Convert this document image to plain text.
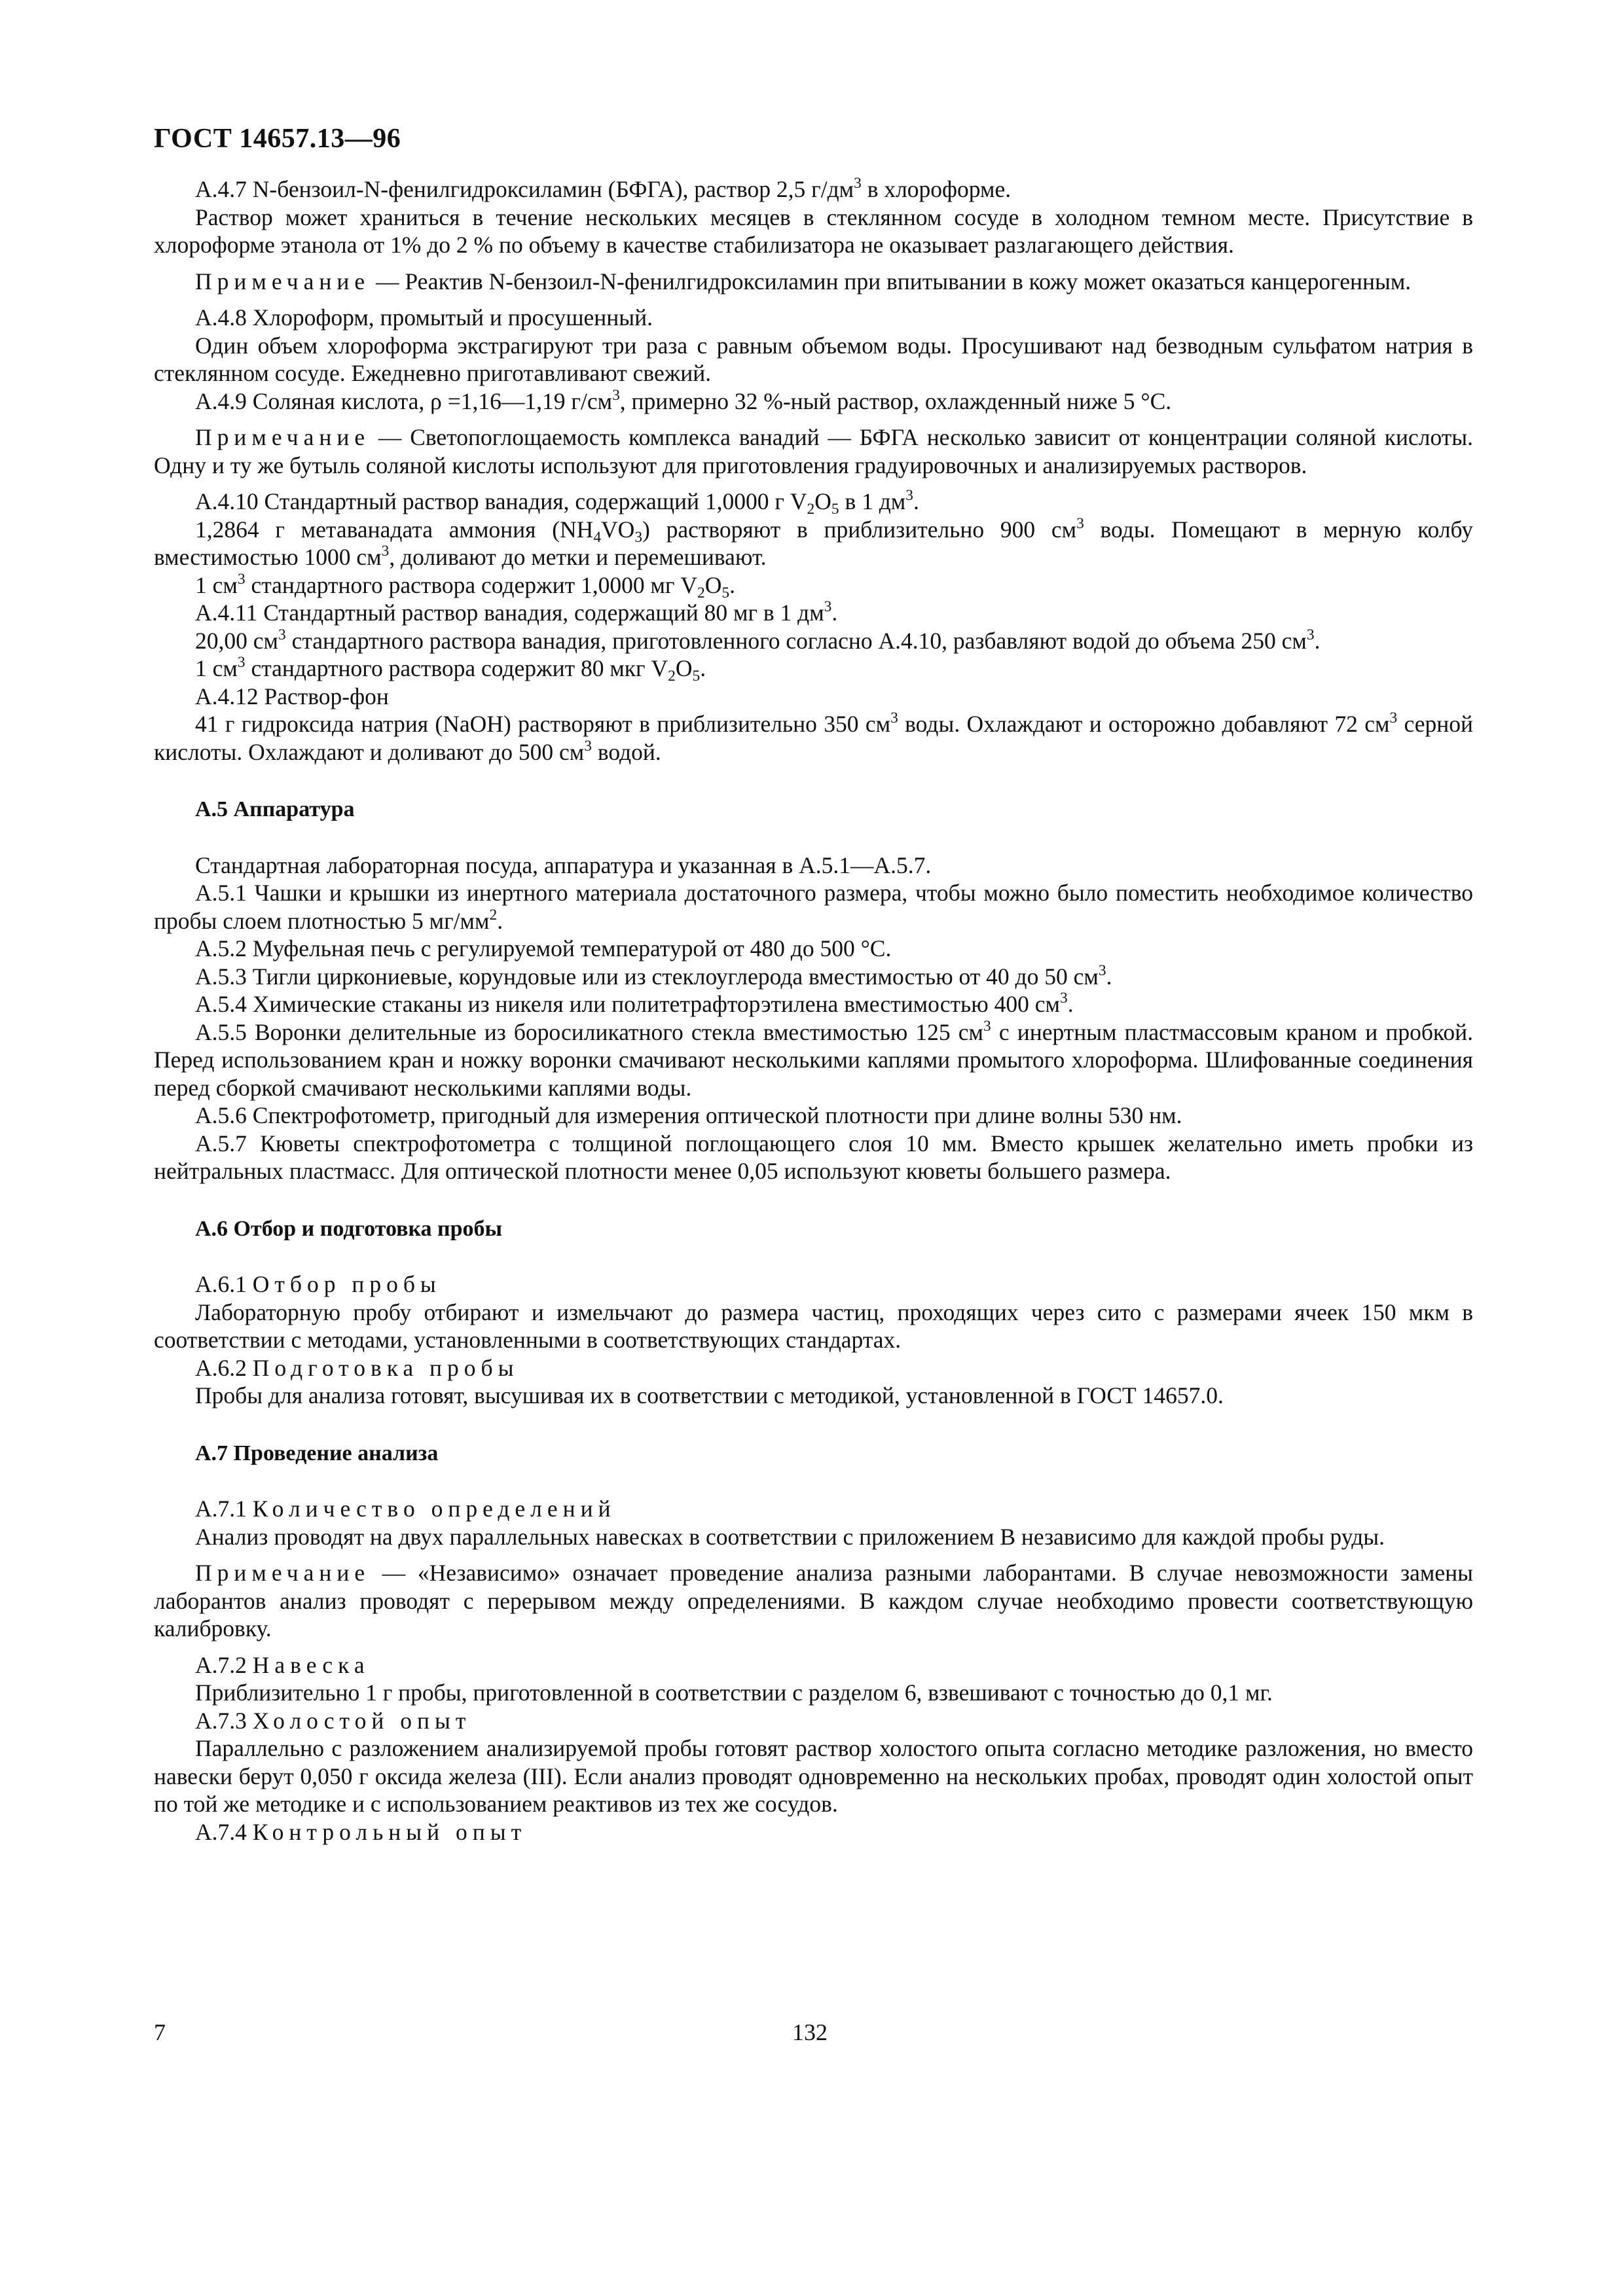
ГОСТ 14657.13—96

А.4.7 N-бензоил-N-фенилгидроксиламин (БФГА), раствор 2,5 $г/дм^3$ в хлороформе.

Раствор может храниться в течение нескольких месяцев в стеклянном сосуде в холодном темном месте. Присутствие в хлороформе этанола от 1% до 2 % по объему в качестве стабилизатора не оказывает разлагающего действия.

Примечание — Реактив N-бензоил-N-фенилгидроксиламин при впитывании в кожу может оказаться канцерогенным.

А.4.8 Хлороформ, промытый и просушенный.

Один объем хлороформа экстрагируют три раза с равным объемом воды. Просушивают над безводным сульфатом натрия в стеклянном сосуде. Ежедневно приготавливают свежий.

А.4.9 Соляная кислота, ρ =1,16—1,19 $г/см^3$, примерно 32 %-ный раствор, охлажденный ниже 5 °С.

Примечание — Светопоглощаемость комплекса ванадий — БФГА несколько зависит от концентрации соляной кислоты. Одну и ту же бутыль соляной кислоты используют для приготовления градуировочных и анализируемых растворов.

А.4.10 Стандартный раствор ванадия, содержащий 1,0000 г $V_2O_5$ в 1 $дм^3$.

1,2864 г метаванадата аммония $(NH_4VO_3)$ растворяют в приблизительно 900 $см^3$ воды. Помещают в мерную колбу вместимостью 1000 $см^3$, доливают до метки и перемешивают.

1 $см^3$ стандартного раствора содержит 1,0000 мг $V_2O_5$.

А.4.11 Стандартный раствор ванадия, содержащий 80 мг в 1 $дм^3$.

20,00 $см^3$ стандартного раствора ванадия, приготовленного согласно А.4.10, разбавляют водой до объема 250 $см^3$.

1 $см^3$ стандартного раствора содержит 80 мкг $V_2O_5$.

А.4.12 Раствор-фон

41 г гидроксида натрия (NaOH) растворяют в приблизительно 350 $см^3$ воды. Охлаждают и осторожно добавляют 72 $см^3$ серной кислоты. Охлаждают и доливают до 500 $см^3$ водой.

А.5 Аппаратура

Стандартная лабораторная посуда, аппаратура и указанная в А.5.1—А.5.7.

А.5.1 Чашки и крышки из инертного материала достаточного размера, чтобы можно было поместить необходимое количество пробы слоем плотностью 5 $мг/мм^2$.

А.5.2 Муфельная печь с регулируемой температурой от 480 до 500 °С.

А.5.3 Тигли циркониевые, корундовые или из стеклоуглерода вместимостью от 40 до 50 $см^3$.

А.5.4 Химические стаканы из никеля или политетрафторэтилена вместимостью 400 $см^3$.

А.5.5 Воронки делительные из боросиликатного стекла вместимостью 125 $см^3$ с инертным пластмассовым краном и пробкой. Перед использованием кран и ножку воронки смачивают несколькими каплями промытого хлороформа. Шлифованные соединения перед сборкой смачивают несколькими каплями воды.

А.5.6 Спектрофотометр, пригодный для измерения оптической плотности при длине волны 530 нм.

А.5.7 Кюветы спектрофотометра с толщиной поглощающего слоя 10 мм. Вместо крышек желательно иметь пробки из нейтральных пластмасс. Для оптической плотности менее 0,05 используют кюветы большего размера.

А.6 Отбор и подготовка пробы

А.6.1 Отбор пробы

Лабораторную пробу отбирают и измельчают до размера частиц, проходящих через сито с размерами ячеек 150 мкм в соответствии с методами, установленными в соответствующих стандартах.

А.6.2 Подготовка пробы

Пробы для анализа готовят, высушивая их в соответствии с методикой, установленной в ГОСТ 14657.0.

А.7 Проведение анализа

А.7.1 Количество определений

Анализ проводят на двух параллельных навесках в соответствии с приложением В независимо для каждой пробы руды.

Примечание — «Независимо» означает проведение анализа разными лаборантами. В случае невозможности замены лаборантов анализ проводят с перерывом между определениями. В каждом случае необходимо провести соответствующую калибровку.

А.7.2 Навеска

Приблизительно 1 г пробы, приготовленной в соответствии с разделом 6, взвешивают с точностью до 0,1 мг.

А.7.3 Холостой опыт

Параллельно с разложением анализируемой пробы готовят раствор холостого опыта согласно методике разложения, но вместо навески берут 0,050 г оксида железа (III). Если анализ проводят одновременно на нескольких пробах, проводят один холостой опыт по той же методике и с использованием реактивов из тех же сосудов.

А.7.4 Контрольный опыт

7	132
